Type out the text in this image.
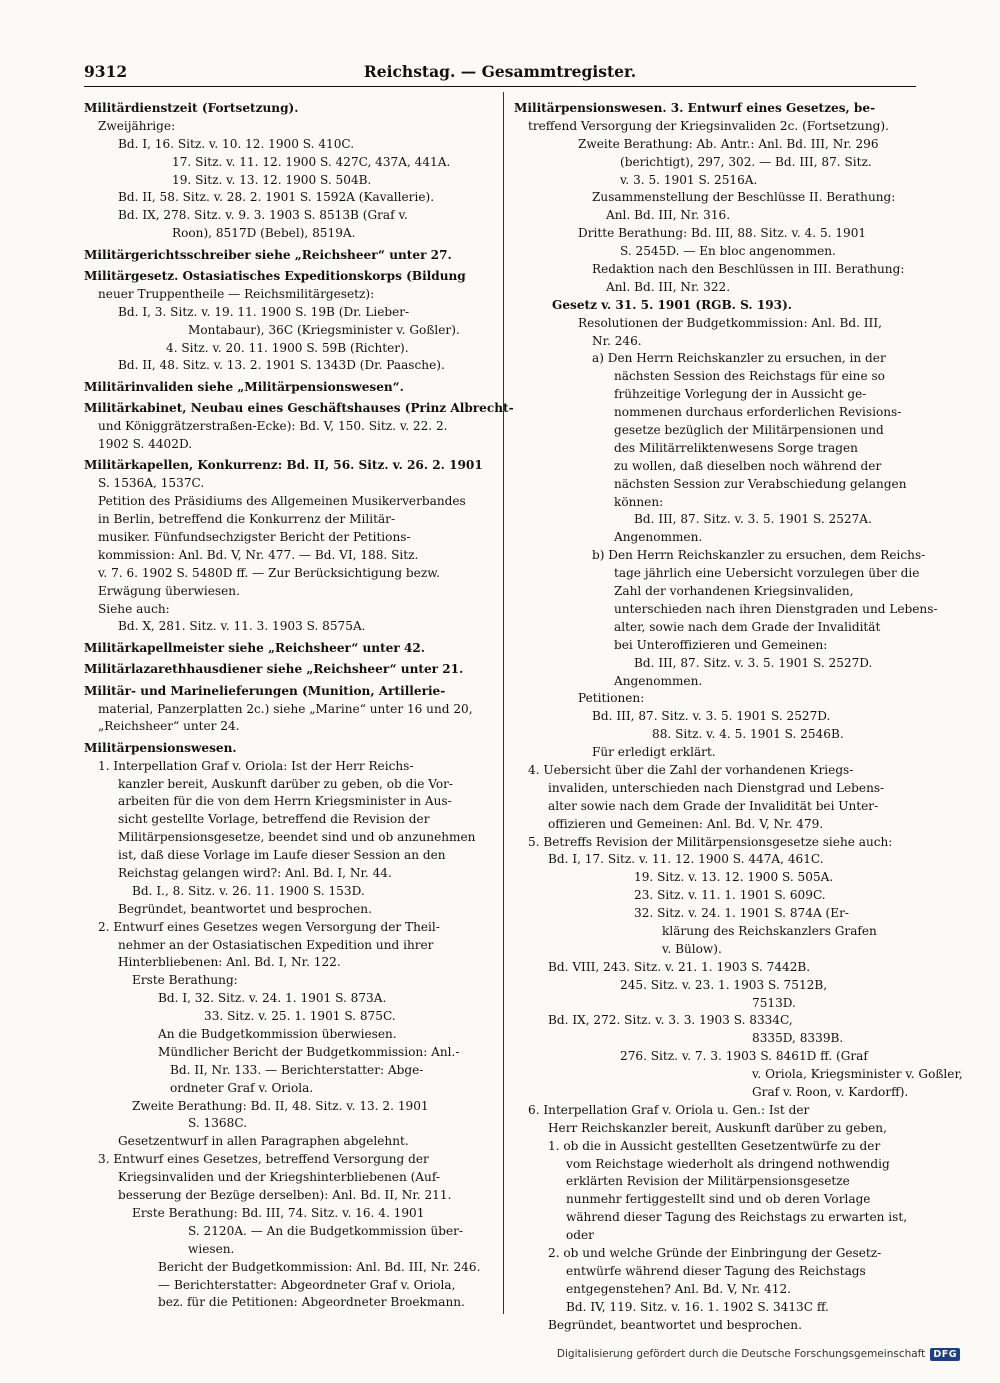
9312	Reichstag. — Gesammtregister.
Militärdienstzeit (Fortsetzung).
Zweijährige:
Bd. I, 16. Sitz. v. 10. 12. 1900 S. 410C.
17. Sitz. v. 11. 12. 1900 S. 427C, 437A, 441A.
19. Sitz. v. 13. 12. 1900 S. 504B.
Bd. II, 58. Sitz. v. 28. 2. 1901 S. 1592A (Kavallerie).
Bd. IX, 278. Sitz. v. 9. 3. 1903 S. 8513B (Graf v.
Roon), 8517D (Bebel), 8519A.
Militärgerichtsschreiber siehe „Reichsheer“ unter 27.
Militärgesetz. Ostasiatisches Expeditionskorps (Bildung
neuer Truppentheile — Reichsmilitärgesetz):
Bd. I, 3. Sitz. v. 19. 11. 1900 S. 19B (Dr. Lieber-
Montabaur), 36C (Kriegsminister v. Goßler).
4. Sitz. v. 20. 11. 1900 S. 59B (Richter).
Bd. II, 48. Sitz. v. 13. 2. 1901 S. 1343D (Dr. Paasche).
Militärinvaliden siehe „Militärpensionswesen“.
Militärkabinet, Neubau eines Geschäftshauses (Prinz Albrecht-
und Königgrätzerstraßen-Ecke): Bd. V, 150. Sitz. v. 22. 2.
1902 S. 4402D.
Militärkapellen, Konkurrenz: Bd. II, 56. Sitz. v. 26. 2. 1901
S. 1536A, 1537C.
Petition des Präsidiums des Allgemeinen Musikerverbandes
in Berlin, betreffend die Konkurrenz der Militär-
musiker. Fünfundsechzigster Bericht der Petitions-
kommission: Anl. Bd. V, Nr. 477. — Bd. VI, 188. Sitz.
v. 7. 6. 1902 S. 5480D ff. — Zur Berücksichtigung bezw.
Erwägung überwiesen.
Siehe auch:
Bd. X, 281. Sitz. v. 11. 3. 1903 S. 8575A.
Militärkapellmeister siehe „Reichsheer“ unter 42.
Militärlazarethhausdiener siehe „Reichsheer“ unter 21.
Militär- und Marinelieferungen (Munition, Artillerie-
material, Panzerplatten 2c.) siehe „Marine“ unter 16 und 20,
„Reichsheer“ unter 24.
Militärpensionswesen.
1. Interpellation Graf v. Oriola: Ist der Herr Reichs-
kanzler bereit, Auskunft darüber zu geben, ob die Vor-
arbeiten für die von dem Herrn Kriegsminister in Aus-
sicht gestellte Vorlage, betreffend die Revision der
Militärpensionsgesetze, beendet sind und ob anzunehmen
ist, daß diese Vorlage im Laufe dieser Session an den
Reichstag gelangen wird?: Anl. Bd. I, Nr. 44.
Bd. I., 8. Sitz. v. 26. 11. 1900 S. 153D.
Begründet, beantwortet und besprochen.
2. Entwurf eines Gesetzes wegen Versorgung der Theil-
nehmer an der Ostasiatischen Expedition und ihrer
Hinterbliebenen: Anl. Bd. I, Nr. 122.
Erste Berathung:
Bd. I, 32. Sitz. v. 24. 1. 1901 S. 873A.
33. Sitz. v. 25. 1. 1901 S. 875C.
An die Budgetkommission überwiesen.
Mündlicher Bericht der Budgetkommission: Anl.-
Bd. II, Nr. 133. — Berichterstatter: Abge-
ordneter Graf v. Oriola.
Zweite Berathung: Bd. II, 48. Sitz. v. 13. 2. 1901
S. 1368C.
Gesetzentwurf in allen Paragraphen abgelehnt.
3. Entwurf eines Gesetzes, betreffend Versorgung der
Kriegsinvaliden und der Kriegshinterbliebenen (Auf-
besserung der Bezüge derselben): Anl. Bd. II, Nr. 211.
Erste Berathung: Bd. III, 74. Sitz. v. 16. 4. 1901
S. 2120A. — An die Budgetkommission über-
wiesen.
Bericht der Budgetkommission: Anl. Bd. III, Nr. 246.
— Berichterstatter: Abgeordneter Graf v. Oriola,
bez. für die Petitionen: Abgeordneter Broekmann.
Militärpensionswesen. 3. Entwurf eines Gesetzes, be-
treffend Versorgung der Kriegsinvaliden 2c. (Fortsetzung).
Zweite Berathung: Ab. Antr.: Anl. Bd. III, Nr. 296
(berichtigt), 297, 302. — Bd. III, 87. Sitz.
v. 3. 5. 1901 S. 2516A.
Zusammenstellung der Beschlüsse II. Berathung:
Anl. Bd. III, Nr. 316.
Dritte Berathung: Bd. III, 88. Sitz. v. 4. 5. 1901
S. 2545D. — En bloc angenommen.
Redaktion nach den Beschlüssen in III. Berathung:
Anl. Bd. III, Nr. 322.
Gesetz v. 31. 5. 1901 (RGB. S. 193).
Resolutionen der Budgetkommission: Anl. Bd. III,
Nr. 246.
a) Den Herrn Reichskanzler zu ersuchen, in der
nächsten Session des Reichstags für eine so
frühzeitige Vorlegung der in Aussicht ge-
nommenen durchaus erforderlichen Revisions-
gesetze bezüglich der Militärpensionen und
des Militärreliktenwesens Sorge tragen
zu wollen, daß dieselben noch während der
nächsten Session zur Verabschiedung gelangen
können:
Bd. III, 87. Sitz. v. 3. 5. 1901 S. 2527A.
Angenommen.
b) Den Herrn Reichskanzler zu ersuchen, dem Reichs-
tage jährlich eine Uebersicht vorzulegen über die
Zahl der vorhandenen Kriegsinvaliden,
unterschieden nach ihren Dienstgraden und Lebens-
alter, sowie nach dem Grade der Invalidität
bei Unteroffizieren und Gemeinen:
Bd. III, 87. Sitz. v. 3. 5. 1901 S. 2527D.
Angenommen.
Petitionen:
Bd. III, 87. Sitz. v. 3. 5. 1901 S. 2527D.
88. Sitz. v. 4. 5. 1901 S. 2546B.
Für erledigt erklärt.
4. Uebersicht über die Zahl der vorhandenen Kriegs-
invaliden, unterschieden nach Dienstgrad und Lebens-
alter sowie nach dem Grade der Invalidität bei Unter-
offizieren und Gemeinen: Anl. Bd. V, Nr. 479.
5. Betreffs Revision der Militärpensionsgesetze siehe auch:
Bd. I, 17. Sitz. v. 11. 12. 1900 S. 447A, 461C.
19. Sitz. v. 13. 12. 1900 S. 505A.
23. Sitz. v. 11. 1. 1901 S. 609C.
32. Sitz. v. 24. 1. 1901 S. 874A (Er-
klärung des Reichskanzlers Grafen
v. Bülow).
Bd. VIII, 243. Sitz. v. 21. 1. 1903 S. 7442B.
245. Sitz. v. 23. 1. 1903 S. 7512B,
7513D.
Bd. IX, 272. Sitz. v. 3. 3. 1903 S. 8334C,
8335D, 8339B.
276. Sitz. v. 7. 3. 1903 S. 8461D ff. (Graf
v. Oriola, Kriegsminister v. Goßler,
Graf v. Roon, v. Kardorff).
6. Interpellation Graf v. Oriola u. Gen.: Ist der
Herr Reichskanzler bereit, Auskunft darüber zu geben,
1. ob die in Aussicht gestellten Gesetzentwürfe zu der
vom Reichstage wiederholt als dringend nothwendig
erklärten Revision der Militärpensionsgesetze
nunmehr fertiggestellt sind und ob deren Vorlage
während dieser Tagung des Reichstags zu erwarten ist,
oder
2. ob und welche Gründe der Einbringung der Gesetz-
entwürfe während dieser Tagung des Reichstags
entgegenstehen? Anl. Bd. V, Nr. 412.
Bd. IV, 119. Sitz. v. 16. 1. 1902 S. 3413C ff.
Begründet, beantwortet und besprochen.
Digitalisierung gefördert durch die Deutsche Forschungsgemeinschaft DFG
